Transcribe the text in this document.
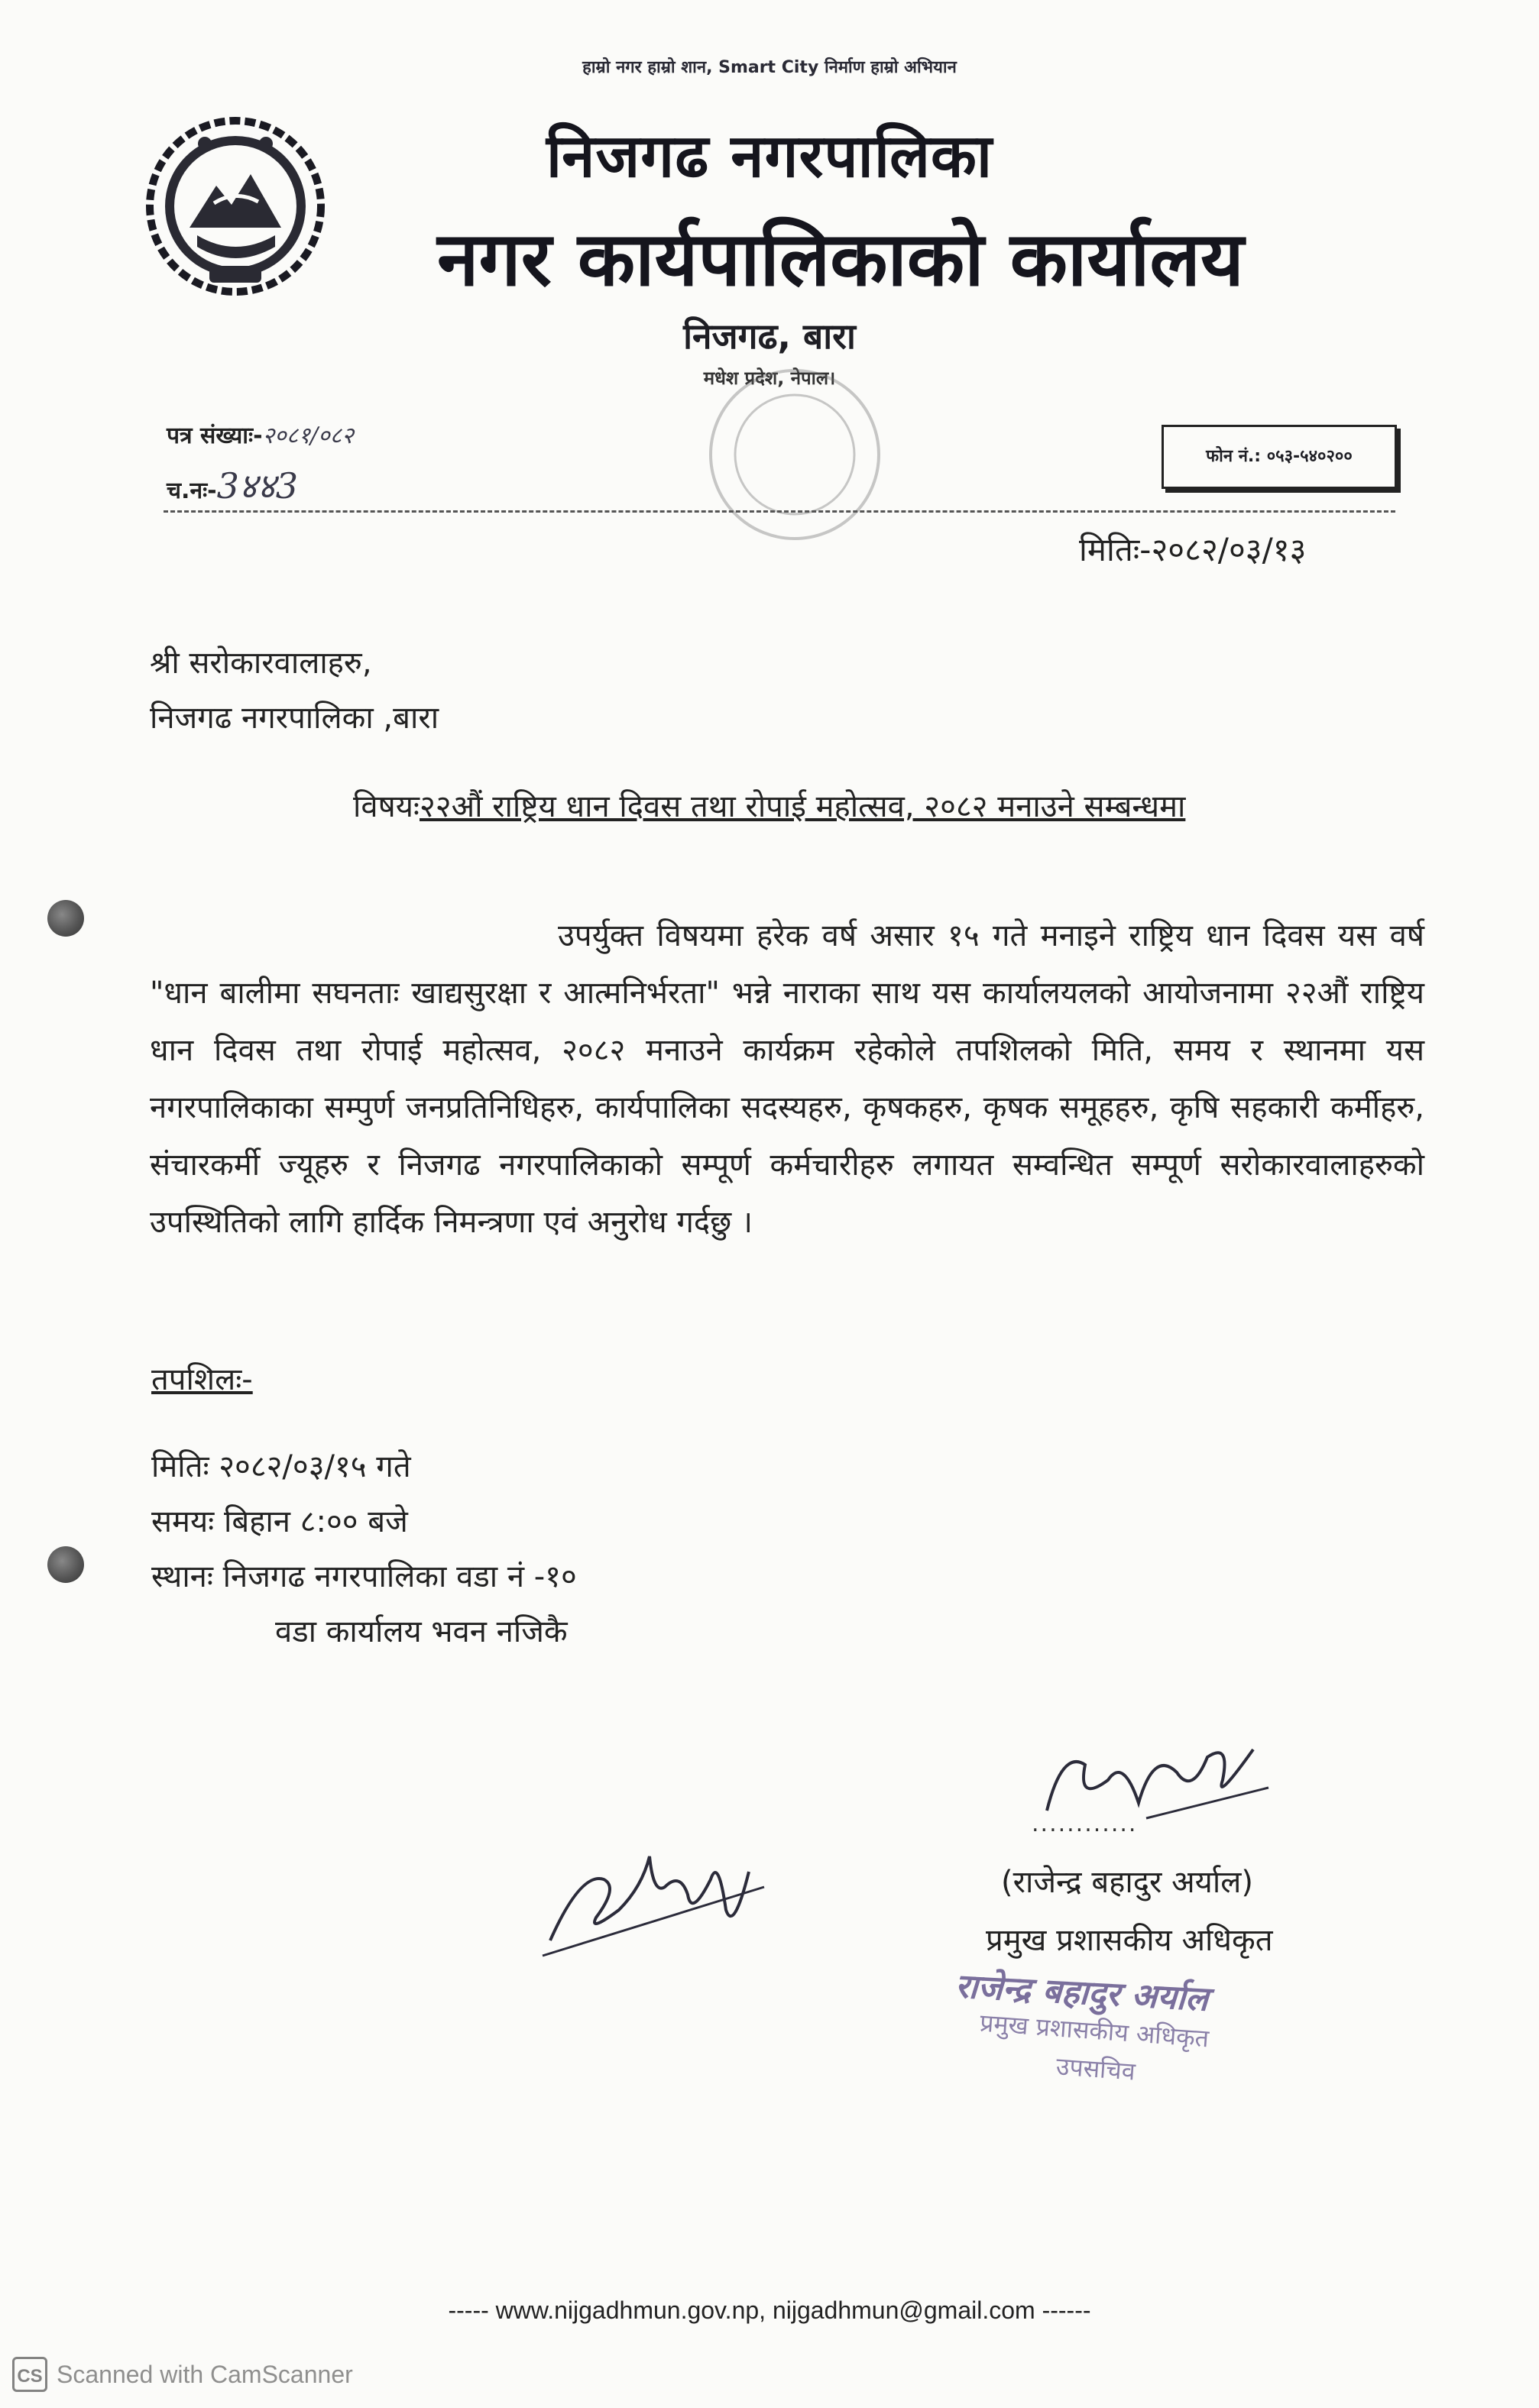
हाम्रो नगर हाम्रो शान, Smart City निर्माण हाम्रो अभियान
निजगढ नगरपालिका
नगर कार्यपालिकाको कार्यालय
निजगढ, बारा
मधेश प्रदेश, नेपाल।
पत्र संख्याः-२०८१/०८२
च.नः-3४४3
फोन नं.: ०५३-५४०२००
मितिः-२०८२/०३/१३
श्री सरोकारवालाहरु,
निजगढ नगरपालिका ,बारा
विषयः२२औं राष्ट्रिय धान दिवस तथा रोपाई महोत्सव, २०८२ मनाउने सम्बन्धमा

उपर्युक्त विषयमा हरेक वर्ष असार १५ गते मनाइने राष्ट्रिय धान दिवस यस वर्ष "धान बालीमा सघनताः खाद्यसुरक्षा र आत्मनिर्भरता" भन्ने नाराका साथ यस कार्यालयलको आयोजनामा २२औं राष्ट्रिय धान दिवस तथा रोपाई महोत्सव, २०८२ मनाउने कार्यक्रम रहेकोले तपशिलको मिति, समय र स्थानमा यस नगरपालिकाका सम्पुर्ण जनप्रतिनिधिहरु, कार्यपालिका सदस्यहरु, कृषकहरु, कृषक समूहहरु, कृषि सहकारी कर्मीहरु, संचारकर्मी ज्यूहरु र निजगढ नगरपालिकाको सम्पूर्ण कर्मचारीहरु लगायत सम्वन्धित सम्पूर्ण सरोकारवालाहरुको उपस्थितिको लागि हार्दिक निमन्त्रणा एवं अनुरोध गर्दछु ।

तपशिलः-
मितिः २०८२/०३/१५ गते
समयः बिहान ८:०० बजे
स्थानः निजगढ नगरपालिका वडा नं -१०
वडा कार्यालय भवन नजिकै
............
(राजेन्द्र बहादुर अर्याल)
प्रमुख प्रशासकीय अधिकृत
राजेन्द्र बहादुर अर्याल
प्रमुख प्रशासकीय अधिकृत
उपसचिव
----- www.nijgadhmun.gov.np, nijgadhmun@gmail.com ------
CS Scanned with CamScanner
